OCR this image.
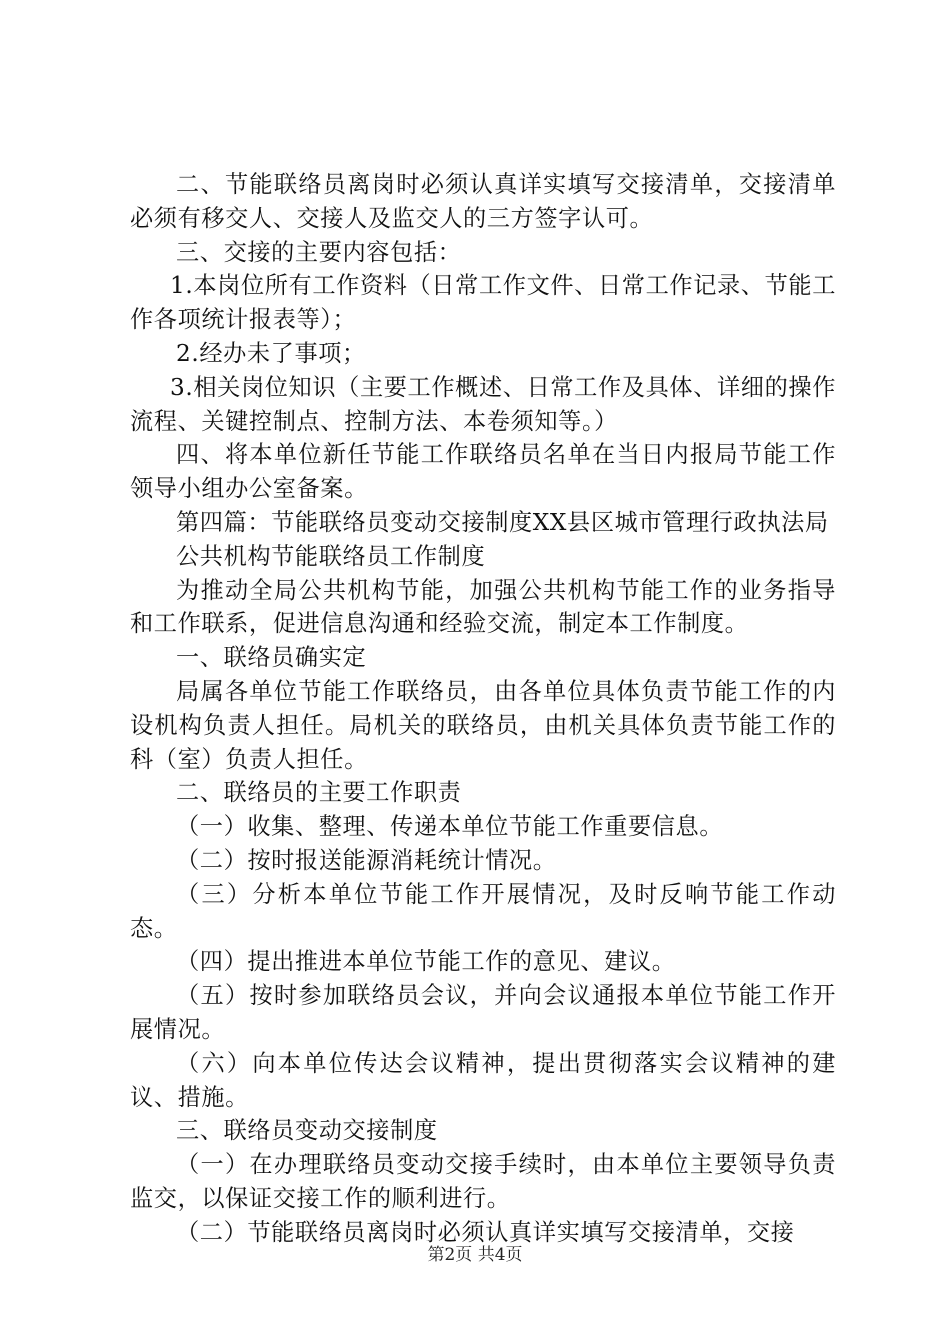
二、节能联络员离岗时必须认真详实填写交接清单，交接清单必须有移交人、交接人及监交人的三方签字认可。

三、交接的主要内容包括：

1.本岗位所有工作资料（日常工作文件、日常工作记录、节能工作各项统计报表等）；

2.经办未了事项；

3.相关岗位知识（主要工作概述、日常工作及具体、详细的操作流程、关键控制点、控制方法、本卷须知等。）

四、将本单位新任节能工作联络员名单在当日内报局节能工作领导小组办公室备案。

第四篇：节能联络员变动交接制度XX县区城市管理行政执法局

公共机构节能联络员工作制度

为推动全局公共机构节能，加强公共机构节能工作的业务指导和工作联系，促进信息沟通和经验交流，制定本工作制度。

一、联络员确实定

局属各单位节能工作联络员，由各单位具体负责节能工作的内设机构负责人担任。局机关的联络员，由机关具体负责节能工作的科（室）负责人担任。

二、联络员的主要工作职责

（一）收集、整理、传递本单位节能工作重要信息。

（二）按时报送能源消耗统计情况。

（三）分析本单位节能工作开展情况，及时反响节能工作动态。

（四）提出推进本单位节能工作的意见、建议。

（五）按时参加联络员会议，并向会议通报本单位节能工作开展情况。

（六）向本单位传达会议精神，提出贯彻落实会议精神的建议、措施。

三、联络员变动交接制度

（一）在办理联络员变动交接手续时，由本单位主要领导负责监交，以保证交接工作的顺利进行。

（二）节能联络员离岗时必须认真详实填写交接清单，交接

第2页 共4页
